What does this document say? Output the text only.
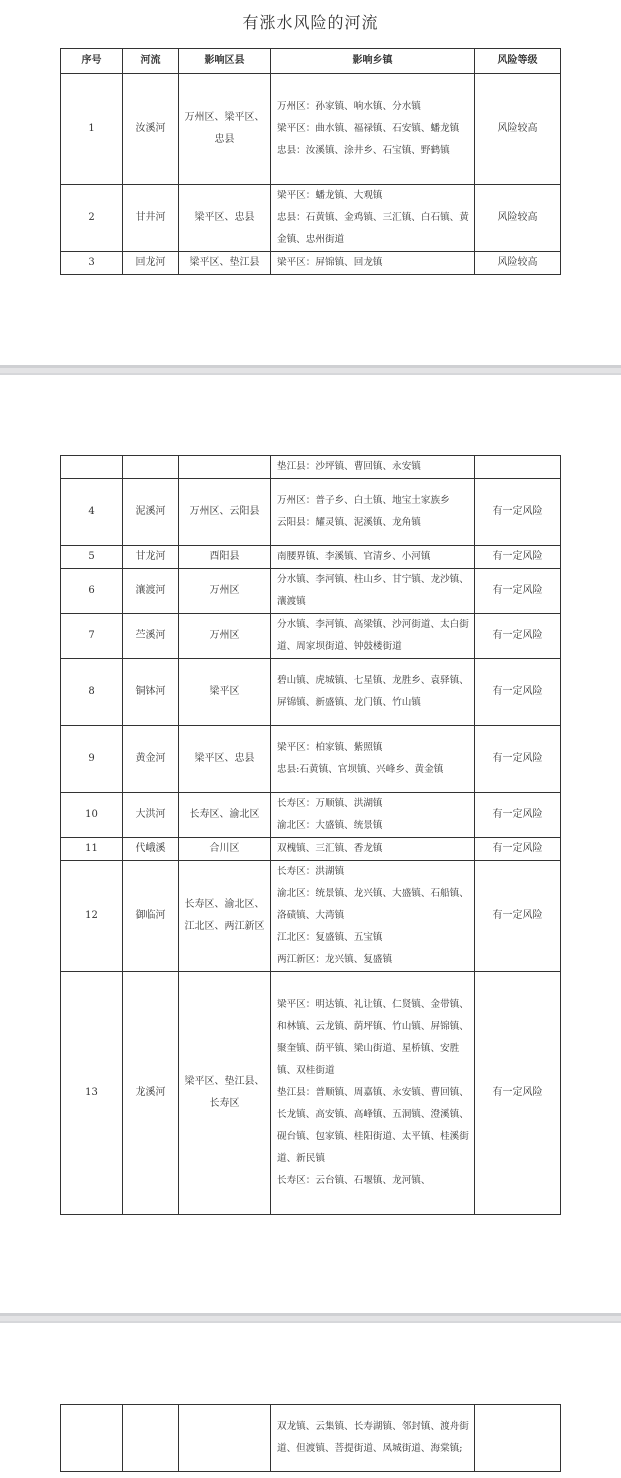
有涨水风险的河流
序号	河流	影响区县	影响乡镇	风险等级
1	汝溪河	万州区、梁平区、忠县	万州区：孙家镇、响水镇、分水镇
梁平区：曲水镇、福禄镇、石安镇、蟠龙镇
忠县：汝溪镇、涂井乡、石宝镇、野鹤镇	风险较高
2	甘井河	梁平区、忠县	梁平区：蟠龙镇、大观镇
忠县：石黄镇、金鸡镇、三汇镇、白石镇、黄金镇、忠州街道	风险较高
3	回龙河	梁平区、垫江县	梁平区：屏锦镇、回龙镇	风险较高
			垫江县：沙坪镇、曹回镇、永安镇	
4	泥溪河	万州区、云阳县	万州区：普子乡、白土镇、地宝土家族乡
云阳县：耀灵镇、泥溪镇、龙角镇	有一定风险
5	甘龙河	酉阳县	南腰界镇、李溪镇、官清乡、小河镇	有一定风险
6	瀼渡河	万州区	分水镇、李河镇、柱山乡、甘宁镇、龙沙镇、瀼渡镇	有一定风险
7	苎溪河	万州区	分水镇、李河镇、高梁镇、沙河街道、太白街道、周家坝街道、钟鼓楼街道	有一定风险
8	铜钵河	梁平区	碧山镇、虎城镇、七星镇、龙胜乡、袁驿镇、屏锦镇、新盛镇、龙门镇、竹山镇	有一定风险
9	黄金河	梁平区、忠县	梁平区：柏家镇、紫照镇
忠县:石黄镇、官坝镇、兴峰乡、黄金镇	有一定风险
10	大洪河	长寿区、渝北区	长寿区：万顺镇、洪湖镇
渝北区：大盛镇、统景镇	有一定风险
11	代峨溪	合川区	双槐镇、三汇镇、香龙镇	有一定风险
12	御临河	长寿区、渝北区、江北区、两江新区	长寿区：洪湖镇
渝北区：统景镇、龙兴镇、大盛镇、石船镇、洛碛镇、大湾镇
江北区：复盛镇、五宝镇
两江新区：龙兴镇、复盛镇	有一定风险
13	龙溪河	梁平区、垫江县、长寿区	梁平区：明达镇、礼让镇、仁贤镇、金带镇、和林镇、云龙镇、荫坪镇、竹山镇、屏锦镇、聚奎镇、荫平镇、梁山街道、星桥镇、安胜镇、双桂街道
垫江县：普顺镇、周嘉镇、永安镇、曹回镇、长龙镇、高安镇、高峰镇、五洞镇、澄溪镇、砚台镇、包家镇、桂阳街道、太平镇、桂溪街道、新民镇
长寿区：云台镇、石堰镇、龙河镇、	有一定风险
			双龙镇、云集镇、长寿湖镇、邻封镇、渡舟街道、但渡镇、菩提街道、凤城街道、海棠镇;	
